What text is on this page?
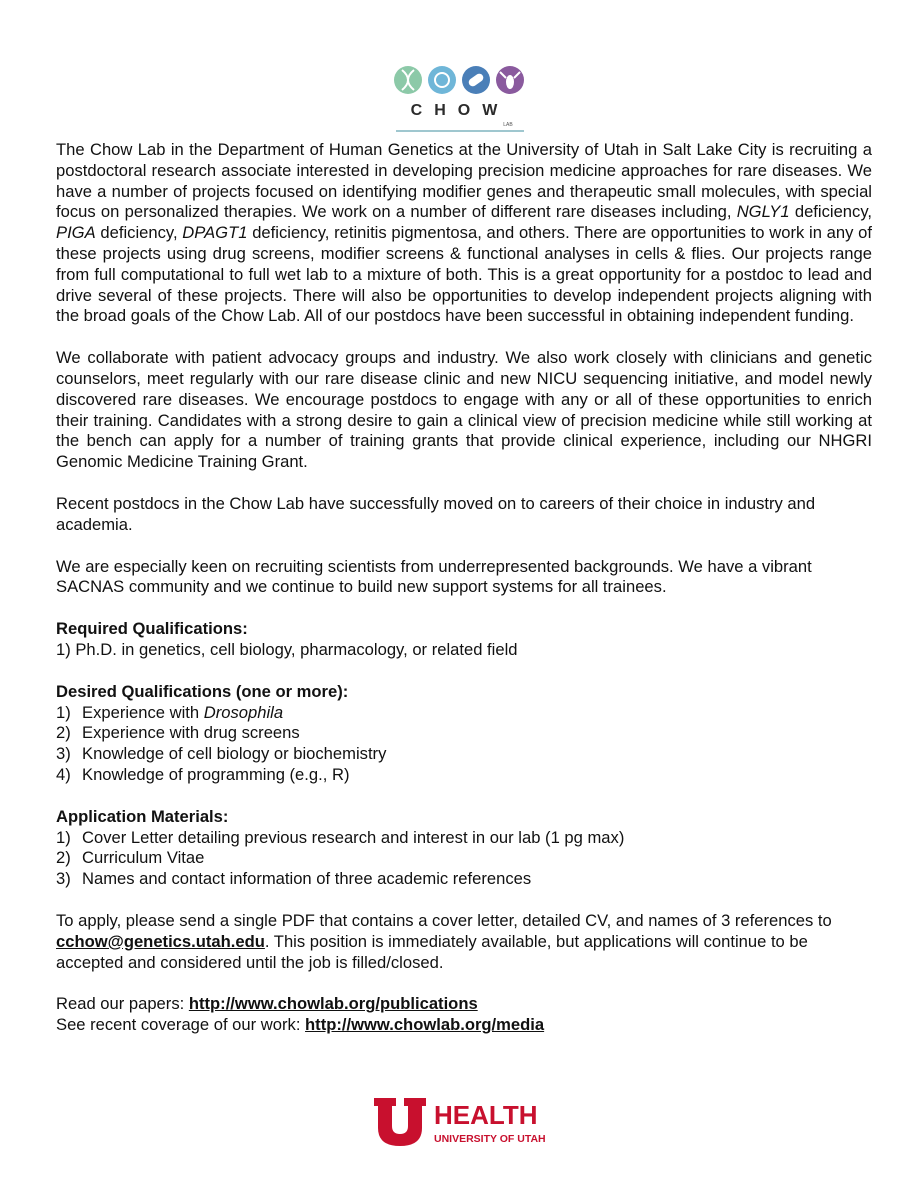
CHOW
LAB

The Chow Lab in the Department of Human Genetics at the University of Utah in Salt Lake City is recruiting a postdoctoral research associate interested in developing precision medicine approaches for rare diseases. We have a number of projects focused on identifying modifier genes and therapeutic small molecules, with special focus on personalized therapies. We work on a number of different rare diseases including, NGLY1 deficiency, PIGA deficiency, DPAGT1 deficiency, retinitis pigmentosa, and others. There are opportunities to work in any of these projects using drug screens, modifier screens & functional analyses in cells & flies. Our projects range from full computational to full wet lab to a mixture of both. This is a great opportunity for a postdoc to lead and drive several of these projects. There will also be opportunities to develop independent projects aligning with the broad goals of the Chow Lab. All of our postdocs have been successful in obtaining independent funding.

We collaborate with patient advocacy groups and industry. We also work closely with clinicians and genetic counselors, meet regularly with our rare disease clinic and new NICU sequencing initiative, and model newly discovered rare diseases. We encourage postdocs to engage with any or all of these opportunities to enrich their training. Candidates with a strong desire to gain a clinical view of precision medicine while still working at the bench can apply for a number of training grants that provide clinical experience, including our NHGRI Genomic Medicine Training Grant.

Recent postdocs in the Chow Lab have successfully moved on to careers of their choice in industry and academia.

We are especially keen on recruiting scientists from underrepresented backgrounds. We have a vibrant SACNAS community and we continue to build new support systems for all trainees.

Required Qualifications:

1) Ph.D. in genetics, cell biology, pharmacology, or related field

Desired Qualifications (one or more):

1) Experience with Drosophila
2) Experience with drug screens
3) Knowledge of cell biology or biochemistry
4) Knowledge of programming (e.g., R)

Application Materials:

1) Cover Letter detailing previous research and interest in our lab (1 pg max)
2) Curriculum Vitae
3) Names and contact information of three academic references

To apply, please send a single PDF that contains a cover letter, detailed CV, and names of 3 references to cchow@genetics.utah.edu. This position is immediately available, but applications will continue to be accepted and considered until the job is filled/closed.

Read our papers: http://www.chowlab.org/publications

See recent coverage of our work: http://www.chowlab.org/media

HEALTH
UNIVERSITY OF UTAH
